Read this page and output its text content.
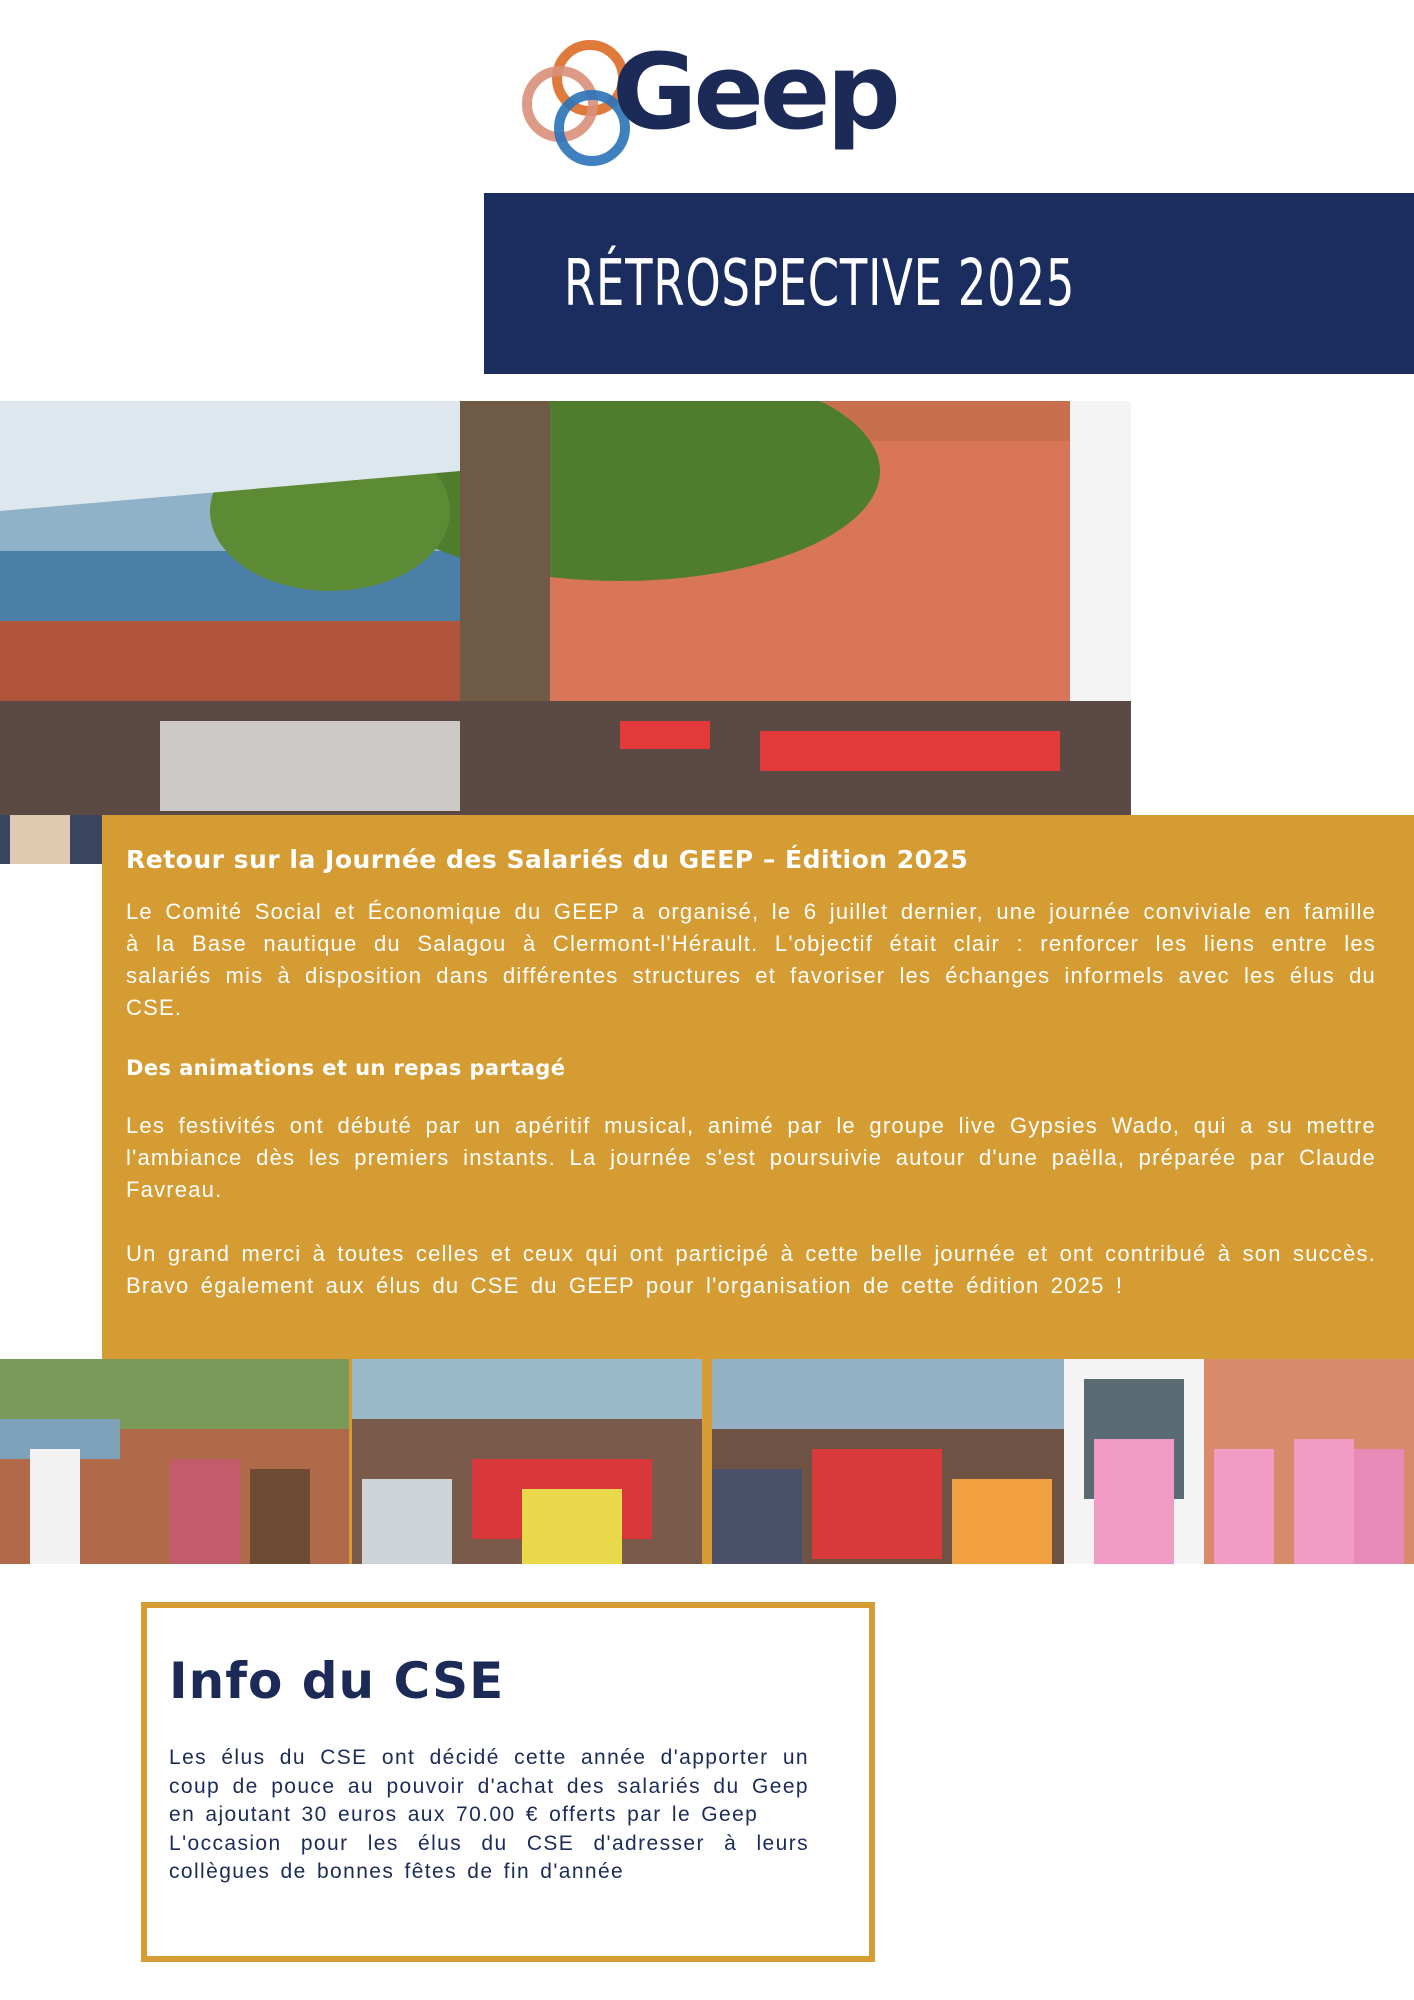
Geep
RÉTROSPECTIVE 2025
Retour sur la Journée des Salariés du GEEP – Édition 2025

Le Comité Social et Économique du GEEP a organisé, le 6 juillet dernier, une journée conviviale en famille à la Base nautique du Salagou à Clermont-l'Hérault. L'objectif était clair : renforcer les liens entre les salariés mis à disposition dans différentes structures et favoriser les échanges informels avec les élus du CSE.

Des animations et un repas partagé

Les festivités ont débuté par un apéritif musical, animé par le groupe live Gypsies Wado, qui a su mettre l'ambiance dès les premiers instants. La journée s'est poursuivie autour d'une paëlla, préparée par Claude Favreau.

Un grand merci à toutes celles et ceux qui ont participé à cette belle journée et ont contribué à son succès. Bravo également aux élus du CSE du GEEP pour l'organisation de cette édition 2025 !

Info du CSE
Les élus du CSE ont décidé cette année d'apporter un coup de pouce au pouvoir d'achat des salariés du Geep en ajoutant 30 euros aux 70.00 € offerts par le Geep
L'occasion pour les élus du CSE d'adresser à leurs collègues de bonnes fêtes de fin d'année
